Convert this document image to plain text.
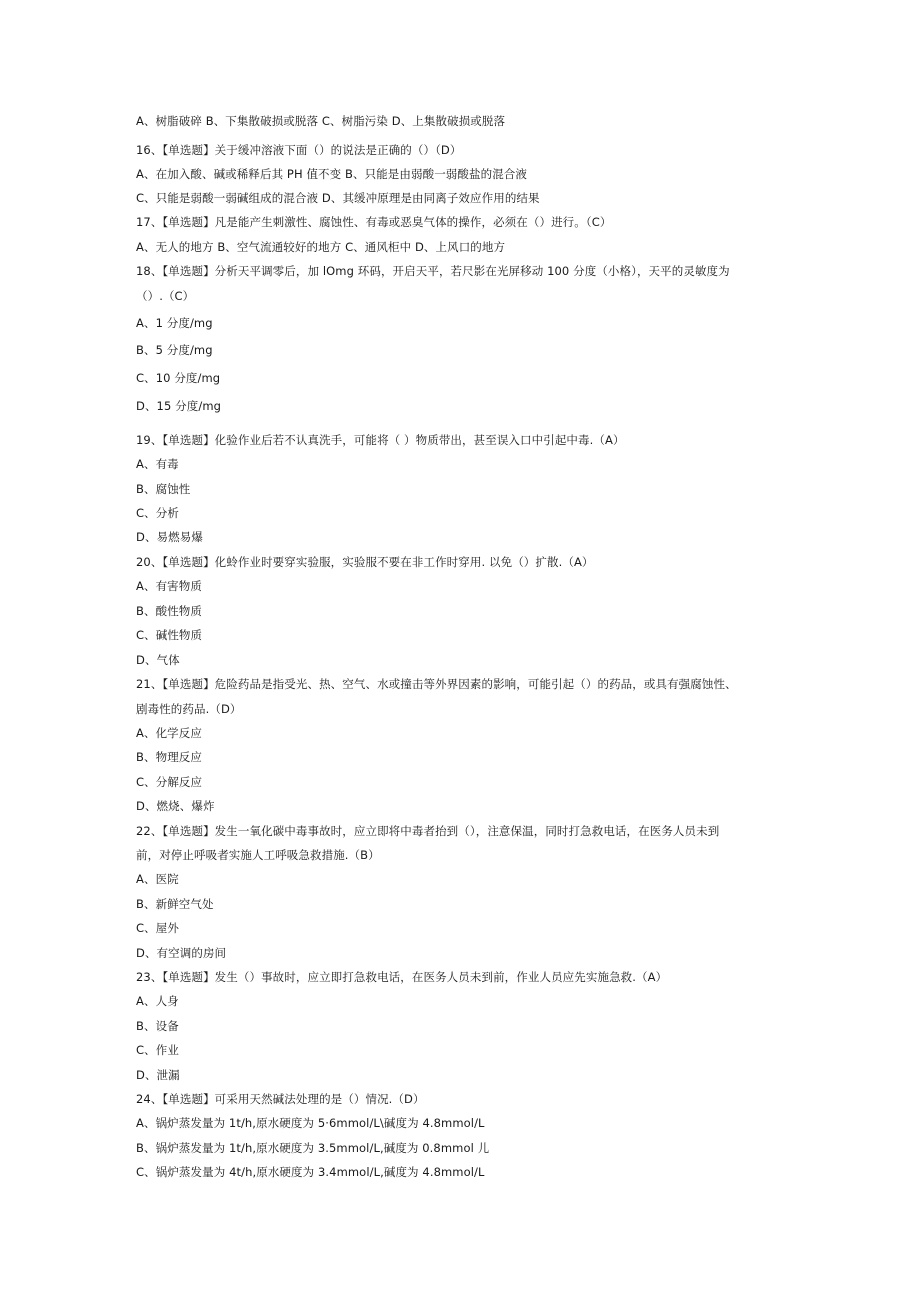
A、树脂破碎 B、下集散破损或脱落 C、树脂污染 D、上集散破损或脱落
16、【单选题】关于缓冲溶液下面（）的说法是正确的（）（D）
A、在加入酸、碱或稀释后其 PH 值不变 B、只能是由弱酸一弱酸盐的混合液
C、只能是弱酸一弱碱组成的混合液 D、其缓冲原理是由同离子效应作用的结果
17、【单选题】凡是能产生刺激性、腐蚀性、有毒或恶臭气体的操作，必须在（）进行。（C）
A、无人的地方 B、空气流通较好的地方 C、通风柜中 D、上风口的地方
18、【单选题】分析天平调零后，加 lOmg 环码，开启天平，若尺影在光屏移动 100 分度（小格），天平的灵敏度为
（）.（C）
A、1 分度/mg
B、5 分度/mg
C、10 分度/mg
D、15 分度/mg
19、【单选题】化验作业后若不认真洗手，可能将（ ）物质带出，甚至误入口中引起中毒.（A）
A、有毒
B、腐蚀性
C、分析
D、易燃易爆
20、【单选题】化蛉作业时要穿实验服，实验服不要在非工作时穿用. 以免（）扩散.（A）
A、有害物质
B、酸性物质
C、碱性物质
D、气体
21、【单选题】危险药品是指受光、热、空气、水或撞击等外界因素的影响，可能引起（）的药品，或具有强腐蚀性、
剧毒性的药品.（D）
A、化学反应
B、物理反应
C、分解反应
D、燃烧、爆炸
22、【单选题】发生一氧化碳中毒事故时，应立即将中毒者抬到（），注意保温，同时打急救电话，在医务人员未到
前，对停止呼吸者实施人工呼吸急救措施.（B）
A、医院
B、新鲜空气处
C、屋外
D、有空调的房间
23、【单选题】发生（）事故时，应立即打急救电话，在医务人员未到前，作业人员应先实施急救.（A）
A、人身
B、设备
C、作业
D、泄漏
24、【单选题】可采用天然碱法处理的是（）情况.（D）
A、锅炉蒸发量为 1t/h,原水硬度为 5·6mmol/L\碱度为 4.8mmol/L
B、锅炉蒸发量为 1t/h,原水硬度为 3.5mmol/L,碱度为 0.8mmol 儿
C、锅炉蒸发量为 4t/h,原水硬度为 3.4mmol/L,碱度为 4.8mmol/L
